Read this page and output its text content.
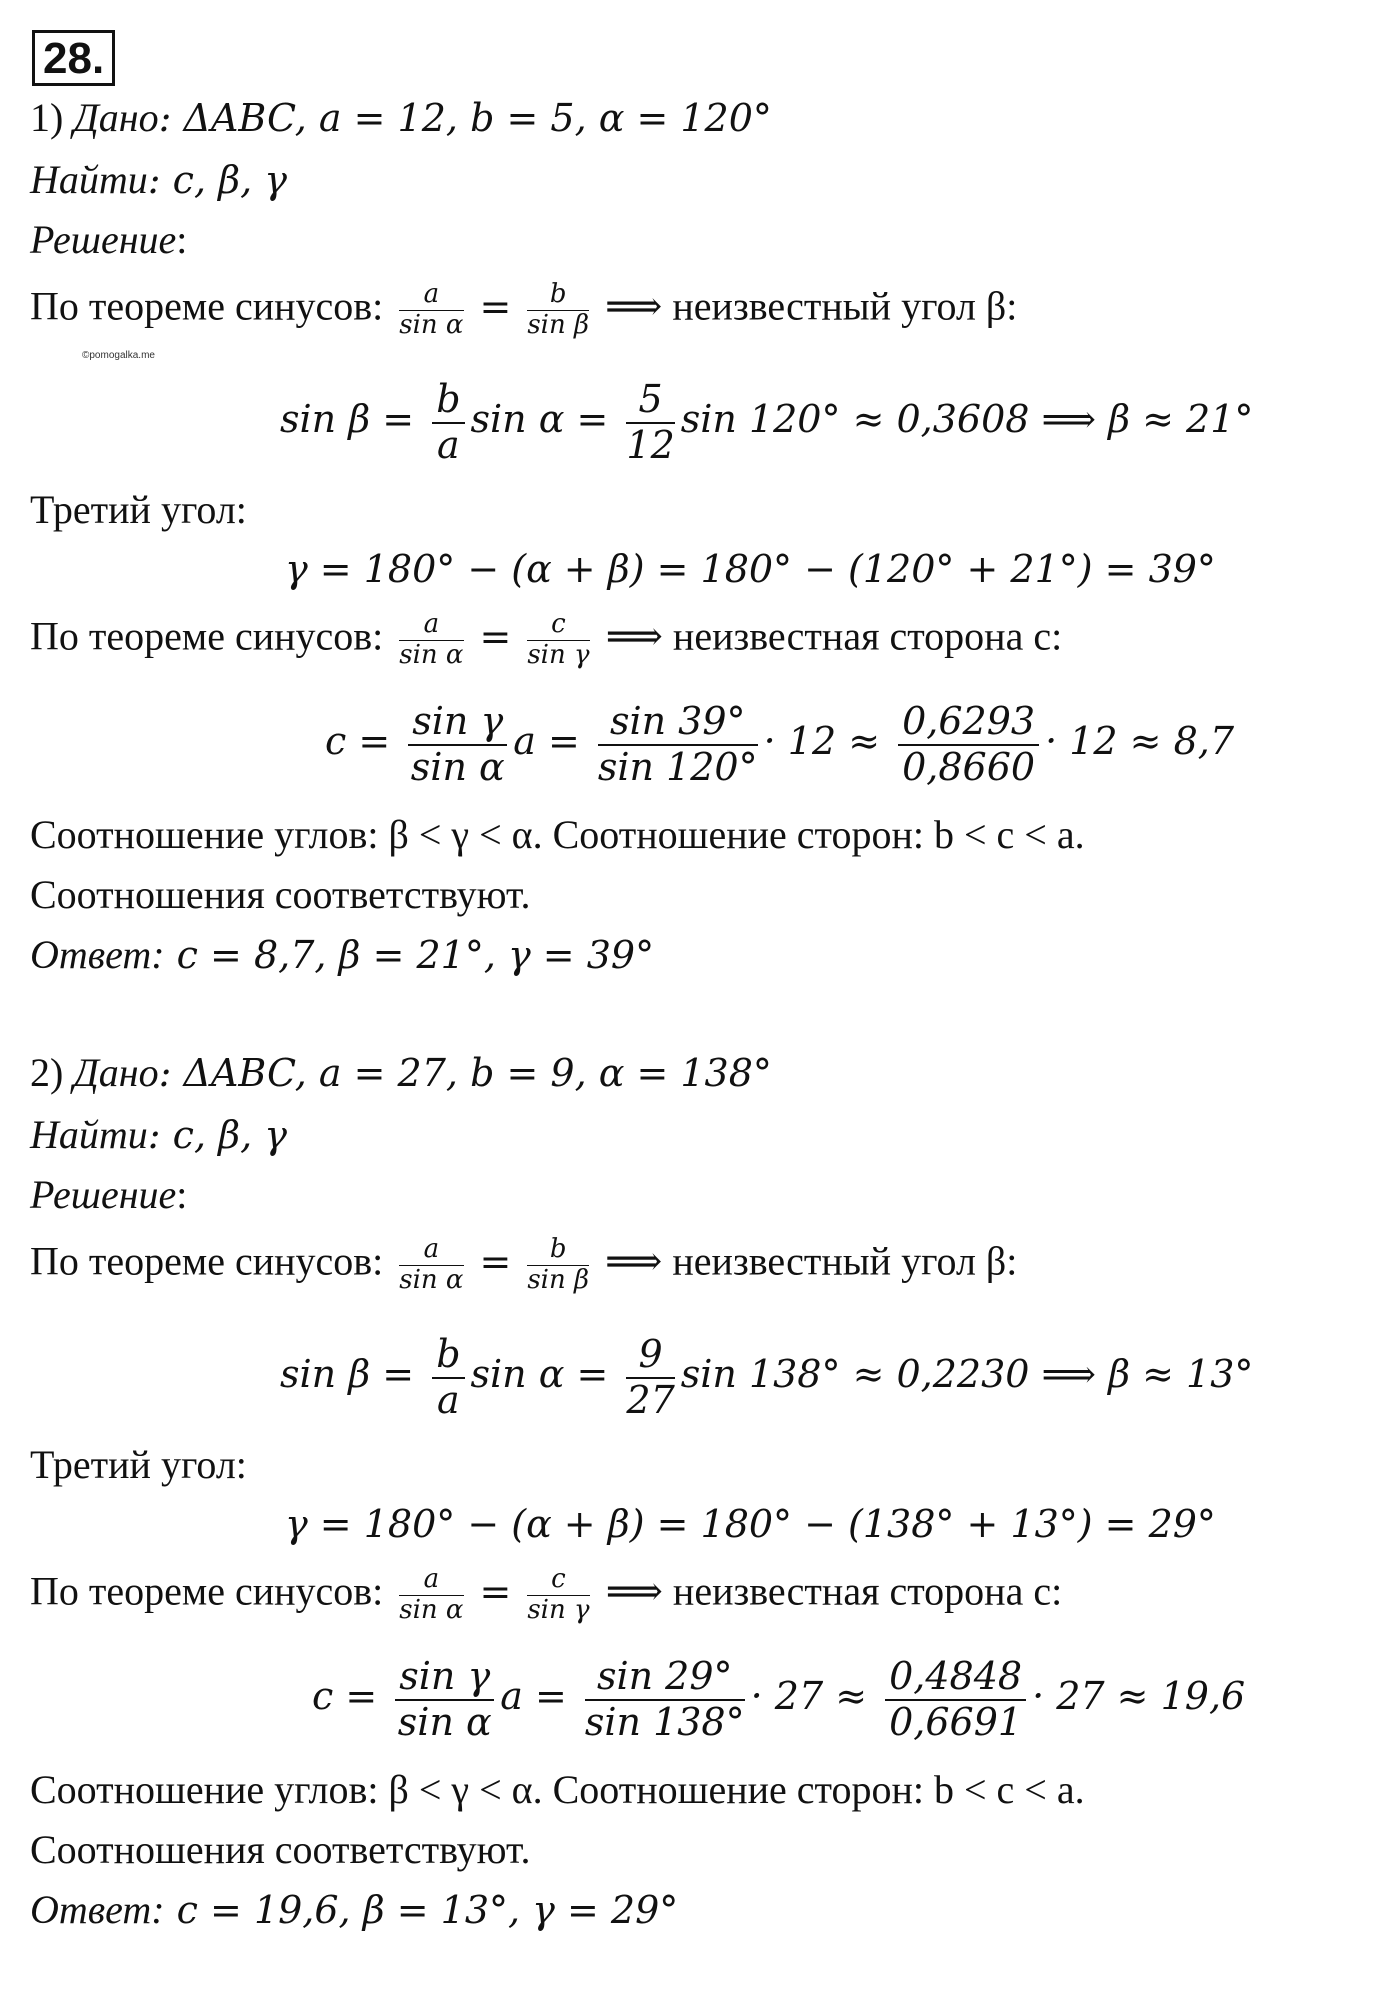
28.
©pomogalka.me
1) Дано: ΔABC, a = 12, b = 5, α = 120°
Найти: c, β, γ
Решение:
По теореме синусов: $\frac{a}{\text{sin α}} = \frac{b}{\text{sin β}}$ ⟹ неизвестный угол β:
$\sin \beta = \frac{b}{a}$ $\sin \alpha = \frac{5}{12}$ sin 120° ≈ 0,3608 ⟹ β ≈ 21°
Третий угол:
γ = 180° − (α + β) = 180° − (120° + 21°) = 39°
По теореме синусов: $\frac{a}{\text{sin α}} = \frac{c}{\text{sin γ}}$ ⟹ неизвестная сторона c:
$c = \frac{\text{sin γ}}{\text{sin α}}$ $a = \frac{\sin 39^\circ}{\sin 120^\circ} \cdot 12 \approx \frac{0,6293}{0,8660} \cdot 12 \approx 8,7$
Соотношение углов: β < γ < α. Соотношение сторон: b < c < a.
Соотношения соответствуют.
Ответ: c = 8,7, β = 21°, γ = 39°
2) Дано: ΔABC, a = 27, b = 9, α = 138°
Найти: c, β, γ
Решение:
По теореме синусов: $\frac{a}{\text{sin α}} = \frac{b}{\text{sin β}}$ ⟹ неизвестный угол β:
$\sin \beta = \frac{b}{a}$ $\sin \alpha = \frac{9}{27}$ sin 138° ≈ 0,2230 ⟹ β ≈ 13°
Третий угол:
γ = 180° − (α + β) = 180° − (138° + 13°) = 29°
По теореме синусов: $\frac{a}{\text{sin α}} = \frac{c}{\text{sin γ}}$ ⟹ неизвестная сторона c:
$c = \frac{\text{sin γ}}{\text{sin α}}$ $a = \frac{\sin 29^\circ}{\sin 138^\circ} \cdot 27 \approx \frac{0,4848}{0,6691} \cdot 27 \approx 19,6$
Соотношение углов: β < γ < α. Соотношение сторон: b < c < a.
Соотношения соответствуют.
Ответ: c = 19,6, β = 13°, γ = 29°
